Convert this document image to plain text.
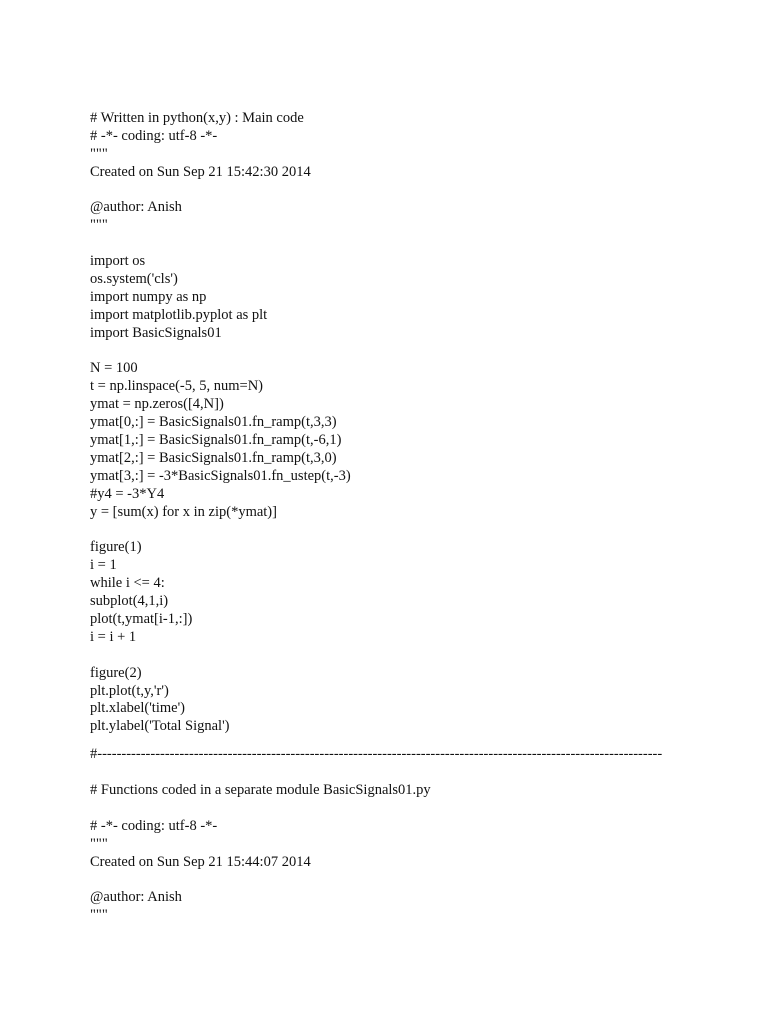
# Written in python(x,y) : Main code
# -*- coding: utf-8 -*-
"""
Created on Sun Sep 21 15:42:30 2014
@author: Anish
"""
import os
os.system('cls')
import numpy as np
import matplotlib.pyplot as plt
import BasicSignals01
N = 100
t = np.linspace(-5, 5, num=N)
ymat = np.zeros([4,N])
ymat[0,:] = BasicSignals01.fn_ramp(t,3,3)
ymat[1,:] = BasicSignals01.fn_ramp(t,-6,1)
ymat[2,:] = BasicSignals01.fn_ramp(t,3,0)
ymat[3,:] = -3*BasicSignals01.fn_ustep(t,-3)
#y4 = -3*Y4
y = [sum(x) for x in zip(*ymat)]
figure(1)
i = 1
while i <= 4:
subplot(4,1,i)
plot(t,ymat[i-1,:])
i = i + 1
figure(2)
plt.plot(t,y,'r')
plt.xlabel('time')
plt.ylabel('Total Signal')
#---------------------------------------------------------------------------------------------------------------------
# Functions coded in a separate module BasicSignals01.py
# -*- coding: utf-8 -*-
"""
Created on Sun Sep 21 15:44:07 2014
@author: Anish
"""
